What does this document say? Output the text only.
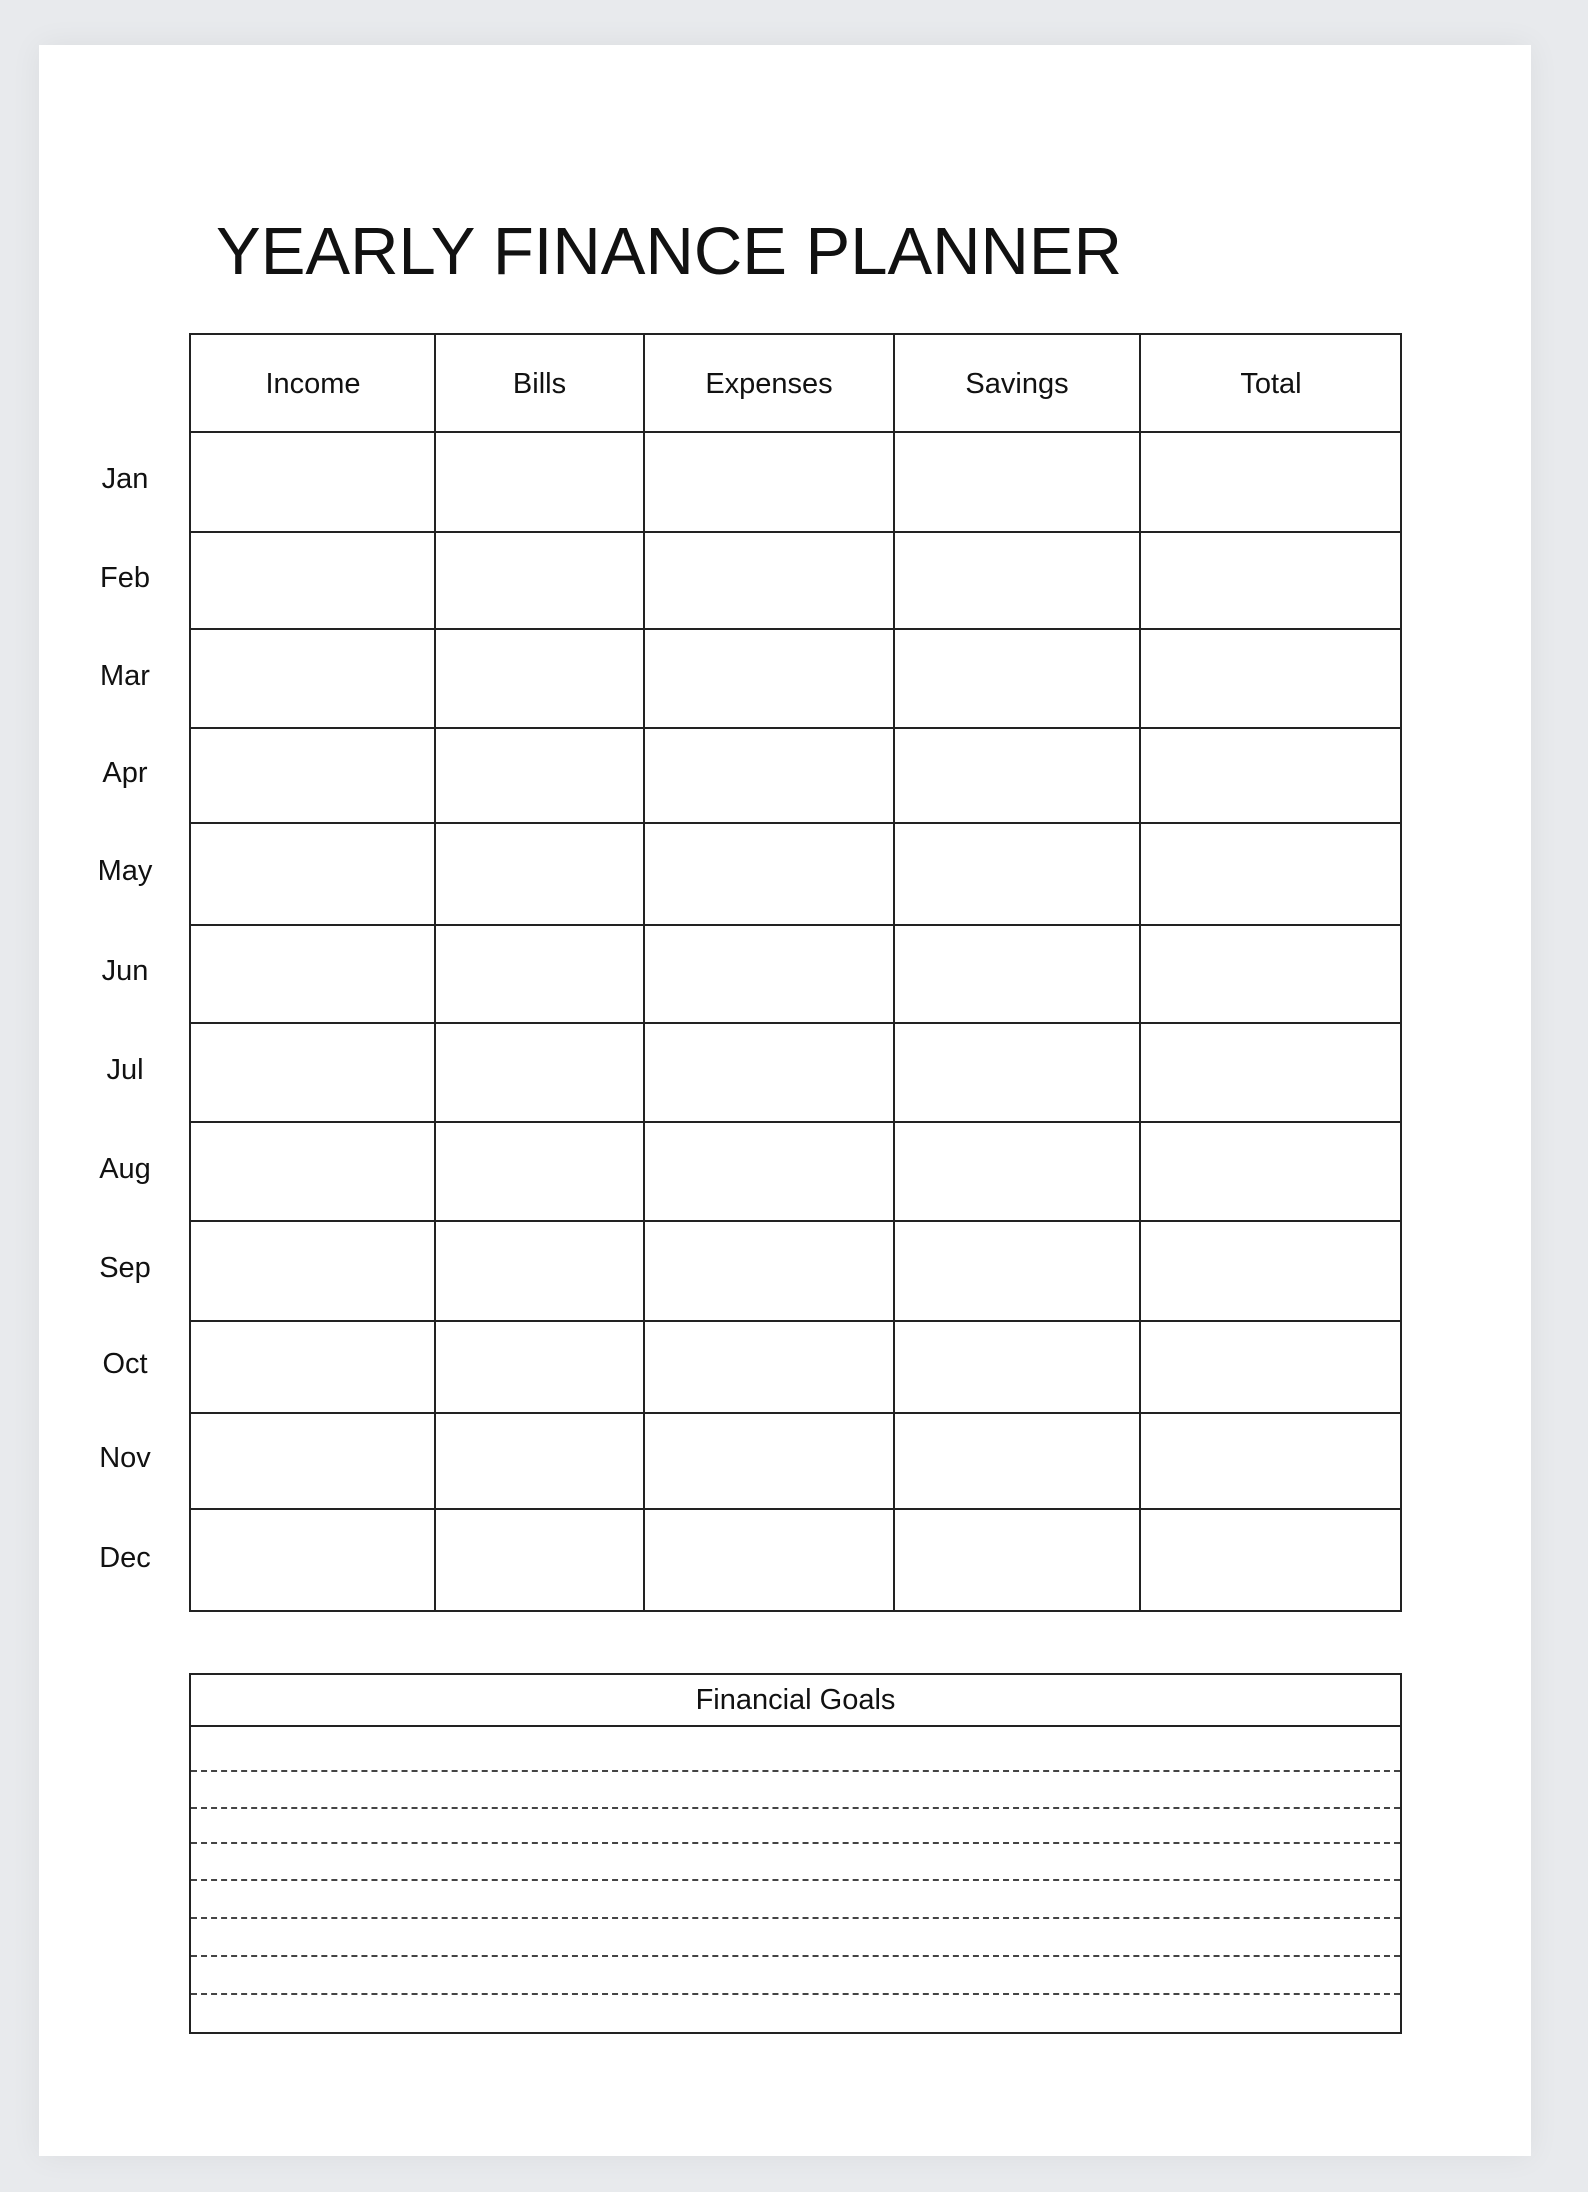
YEARLY FINANCE PLANNER
Income	Bills	Expenses	Savings	Total
Jan
Feb
Mar
Apr
May
Jun
Jul
Aug
Sep
Oct
Nov
Dec
Financial Goals
